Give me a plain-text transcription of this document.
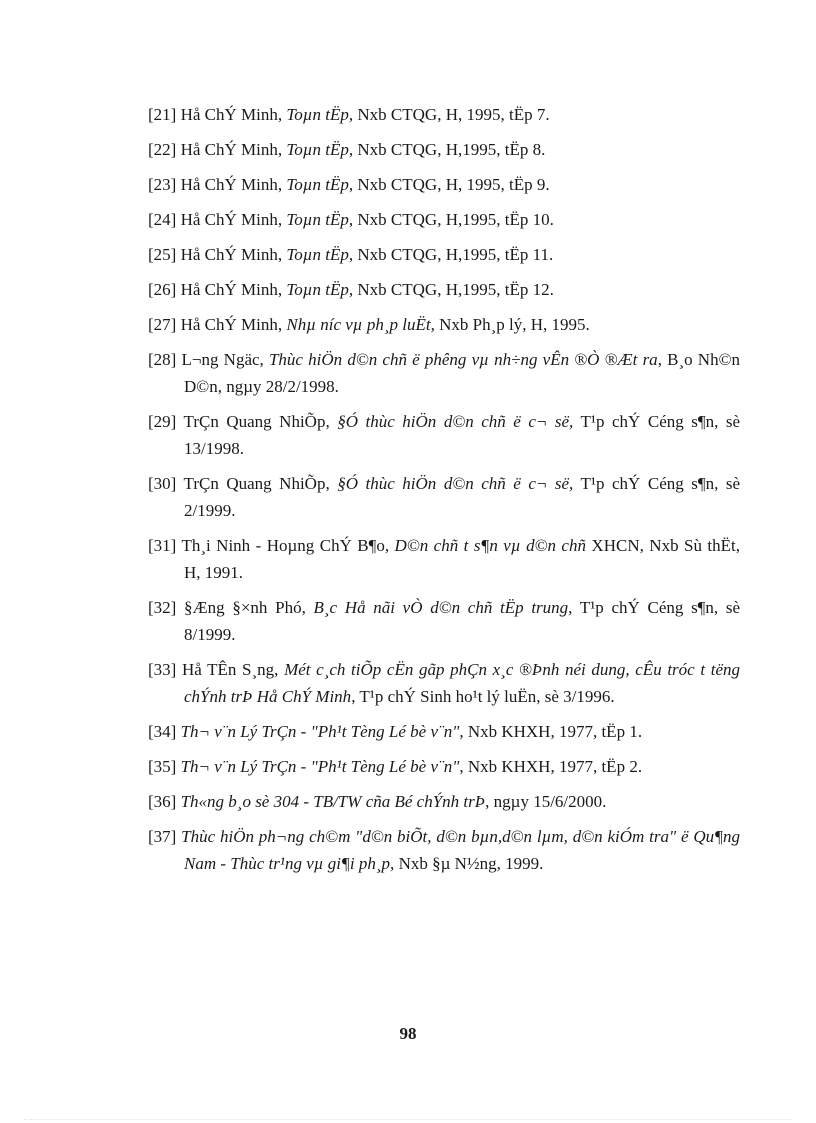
[21] Hå ChÝ Minh, Toµn tËp, Nxb CTQG, H, 1995, tËp 7.

[22] Hå ChÝ Minh, Toµn tËp, Nxb CTQG, H,1995, tËp 8.

[23] Hå ChÝ Minh, Toµn tËp, Nxb CTQG, H, 1995, tËp 9.

[24] Hå ChÝ Minh, Toµn tËp, Nxb CTQG, H,1995, tËp 10.

[25] Hå ChÝ Minh, Toµn tËp, Nxb CTQG, H,1995, tËp 11.

[26] Hå ChÝ Minh, Toµn tËp, Nxb CTQG, H,1995, tËp 12.

[27] Hå ChÝ Minh, Nhµ níc vµ ph¸p luËt, Nxb Ph¸p lý, H, 1995.

[28] L¬ng Ngäc, Thùc hiÖn d©n chñ ë phêng vµ nh÷ng vÊn ®Ò ®Æt ra, B¸o Nh©n D©n, ngµy 28/2/1998.

[29] TrÇn Quang NhiÕp, §Ó thùc hiÖn d©n chñ ë c¬ së, T¹p chÝ Céng s¶n, sè 13/1998.

[30] TrÇn Quang NhiÕp, §Ó thùc hiÖn d©n chñ ë c¬ së, T¹p chÝ Céng s¶n, sè 2/1999.

[31] Th¸i Ninh - Hoµng ChÝ B¶o, D©n chñ t s¶n vµ d©n chñ XHCN, Nxb Sù thËt, H, 1991.

[32] §Æng §×nh Phó, B¸c Hå nãi vÒ d©n chñ tËp trung, T¹p chÝ Céng s¶n, sè 8/1999.

[33] Hå TÊn S¸ng, Mét c¸ch tiÕp cËn gãp phÇn x¸c ®Þnh néi dung, cÊu tróc t tëng chÝnh trÞ Hå ChÝ Minh, T¹p chÝ Sinh ho¹t lý luËn, sè 3/1996.

[34] Th¬ v¨n Lý TrÇn - "Ph¹t Tèng Lé bè v¨n", Nxb KHXH, 1977, tËp 1.

[35] Th¬ v¨n Lý TrÇn - "Ph¹t Tèng Lé bè v¨n", Nxb KHXH, 1977, tËp 2.

[36] Th«ng b¸o sè 304 - TB/TW cña Bé chÝnh trÞ, ngµy 15/6/2000.

[37] Thùc hiÖn ph¬ng ch©m "d©n biÕt, d©n bµn,d©n lµm, d©n kiÓm tra" ë Qu¶ng Nam - Thùc tr¹ng vµ gi¶i ph¸p, Nxb §µ N½ng, 1999.

98
